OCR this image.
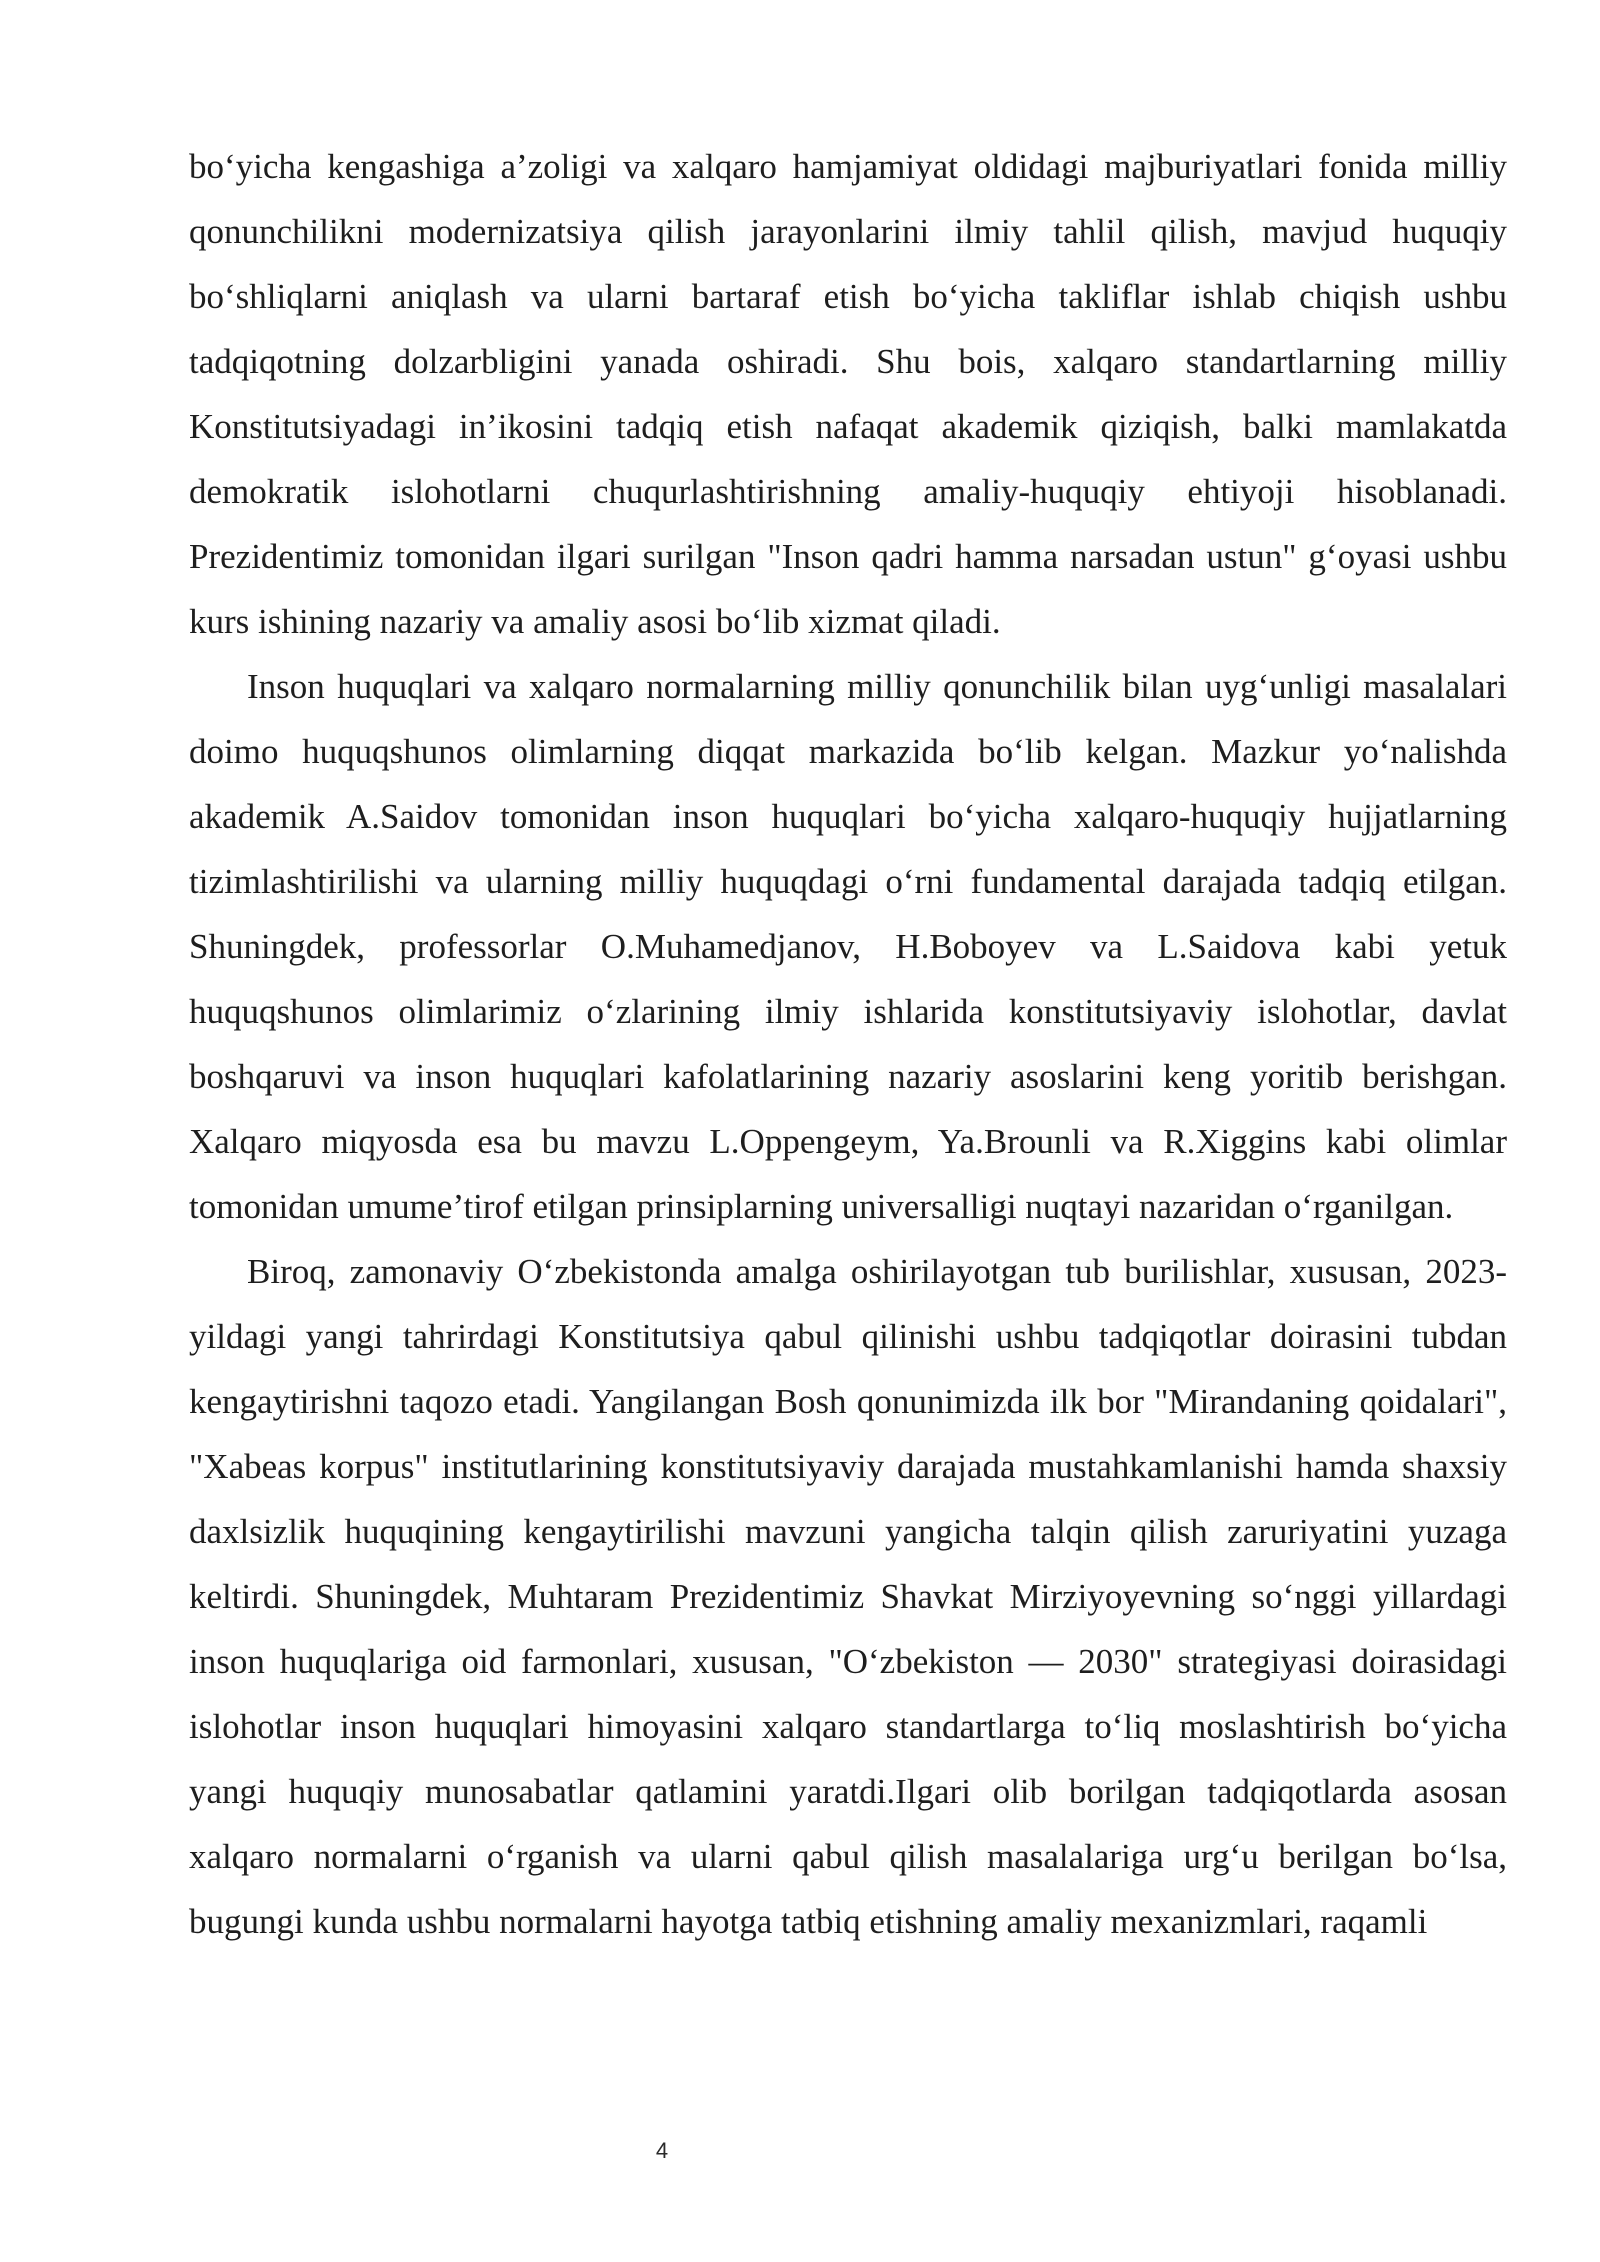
bo‘yicha kengashiga a’zoligi va xalqaro hamjamiyat oldidagi majburiyatlari fonida milliy qonunchilikni modernizatsiya qilish jarayonlarini ilmiy tahlil qilish, mavjud huquqiy bo‘shliqlarni aniqlash va ularni bartaraf etish bo‘yicha takliflar ishlab chiqish ushbu tadqiqotning dolzarbligini yanada oshiradi. Shu bois, xalqaro standartlarning milliy Konstitutsiyadagi in’ikosini tadqiq etish nafaqat akademik qiziqish, balki mamlakatda demokratik islohotlarni chuqurlashtirishning amaliy-huquqiy ehtiyoji hisoblanadi. Prezidentimiz tomonidan ilgari surilgan "Inson qadri hamma narsadan ustun" g‘oyasi ushbu kurs ishining nazariy va amaliy asosi bo‘lib xizmat qiladi.

Inson huquqlari va xalqaro normalarning milliy qonunchilik bilan uyg‘unligi masalalari doimo huquqshunos olimlarning diqqat markazida bo‘lib kelgan. Mazkur yo‘nalishda akademik A.Saidov tomonidan inson huquqlari bo‘yicha xalqaro-huquqiy hujjatlarning tizimlashtirilishi va ularning milliy huquqdagi o‘rni fundamental darajada tadqiq etilgan. Shuningdek, professorlar O.Muhamedjanov, H.Boboyev va L.Saidova kabi yetuk huquqshunos olimlarimiz o‘zlarining ilmiy ishlarida konstitutsiyaviy islohotlar, davlat boshqaruvi va inson huquqlari kafolatlarining nazariy asoslarini keng yoritib berishgan. Xalqaro miqyosda esa bu mavzu L.Oppengeym, Ya.Brounli va R.Xiggins kabi olimlar tomonidan umume’tirof etilgan prinsiplarning universalligi nuqtayi nazaridan o‘rganilgan.

Biroq, zamonaviy O‘zbekistonda amalga oshirilayotgan tub burilishlar, xususan, 2023-yildagi yangi tahrirdagi Konstitutsiya qabul qilinishi ushbu tadqiqotlar doirasini tubdan kengaytirishni taqozo etadi. Yangilangan Bosh qonunimizda ilk bor "Mirandaning qoidalari", "Xabeas korpus" institutlarining konstitutsiyaviy darajada mustahkamlanishi hamda shaxsiy daxlsizlik huquqining kengaytirilishi mavzuni yangicha talqin qilish zaruriyatini yuzaga keltirdi. Shuningdek, Muhtaram Prezidentimiz Shavkat Mirziyoyevning so‘nggi yillardagi inson huquqlariga oid farmonlari, xususan, "O‘zbekiston — 2030" strategiyasi doirasidagi islohotlar inson huquqlari himoyasini xalqaro standartlarga to‘liq moslashtirish bo‘yicha yangi huquqiy munosabatlar qatlamini yaratdi.Ilgari olib borilgan tadqiqotlarda asosan xalqaro normalarni o‘rganish va ularni qabul qilish masalalariga urg‘u berilgan bo‘lsa, bugungi kunda ushbu normalarni hayotga tatbiq etishning amaliy mexanizmlari, raqamli

4
